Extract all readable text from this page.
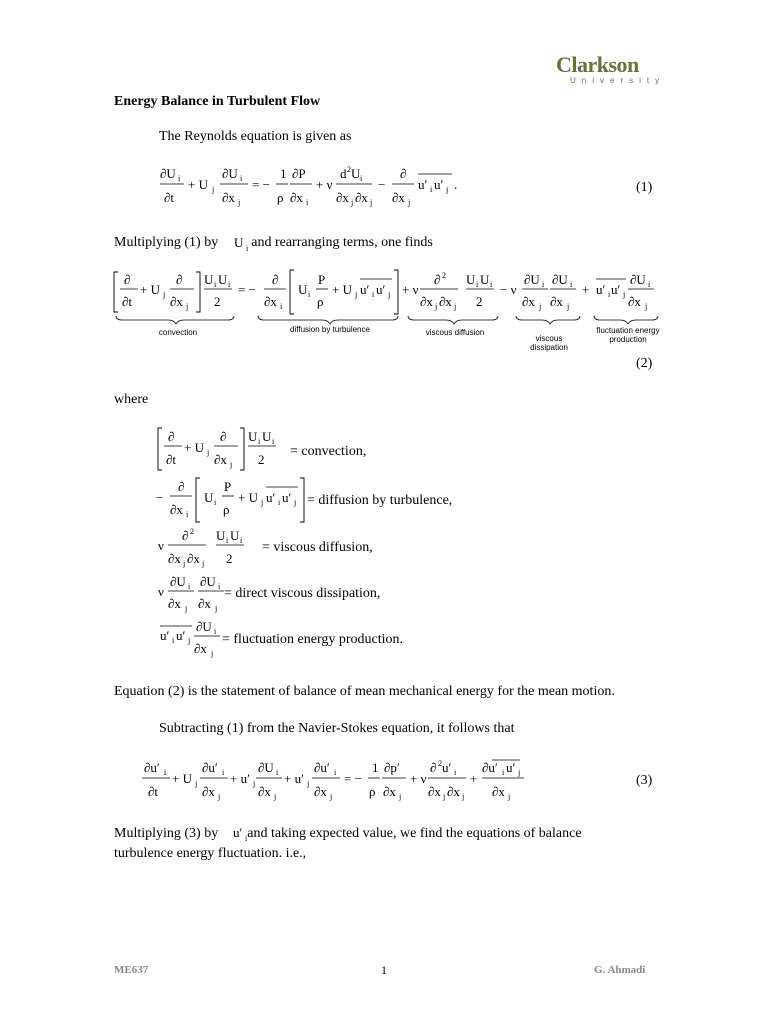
Clarkson
University
Energy Balance in Turbulent Flow
The Reynolds equation is given as
∂U i
∂t
+ U j
∂U i
∂x j
= −
1
ρ
∂P
∂x i
+ ν
d 2 U i
∂x j ∂x j
−
∂
∂x j
u′ i u′ j .	(1)
Multiplying (1) by and rearranging terms, one finds
U i
∂
∂t
+ U j
∂
∂x j
U i U i
2
= −
∂
∂x i
U i
P
ρ
+ U j u′ i u′ j + ν
∂ 2
∂x j ∂x j
U i U i
2
− ν
∂U i
∂x j
∂U i
∂x j
+ u′ i u′ j
∂U i
∂x j
convection	diffusion by turbulence	viscous diffusion
viscous
dissipation
fluctuation energy
production
(2)
where
∂
∂t
+ U j
∂
∂x j
U i U i
2
= convection,
−
∂
∂x i
U i
P
ρ
+ U j u′ i u′ j = diffusion by turbulence,
ν
∂ 2
∂x j ∂x j
U i U i
2
= viscous diffusion,
ν
∂U i
∂x j
∂U i
∂x j
= direct viscous dissipation,
u′ i u′ j
∂U i
∂x j
= fluctuation energy production.
Equation (2) is the statement of balance of mean mechanical energy for the mean motion.
Subtracting (1) from the Navier-Stokes equation, it follows that
∂u′ i
∂t
+ U j
∂u′ i
∂x j
+ u′ j
∂U i
∂x j
+ u′ j
∂u′ i
∂x j
= −
1
ρ
∂p′
∂x j
+ ν
∂ 2 u′ i
∂x j ∂x j
+
∂u′ i u′ j
∂x j
(3)
Multiplying (3) by and taking expected value, we find the equations of balance
turbulence energy fluctuation. i.e.,
u′ i
ME637	1	G. Ahmadi
